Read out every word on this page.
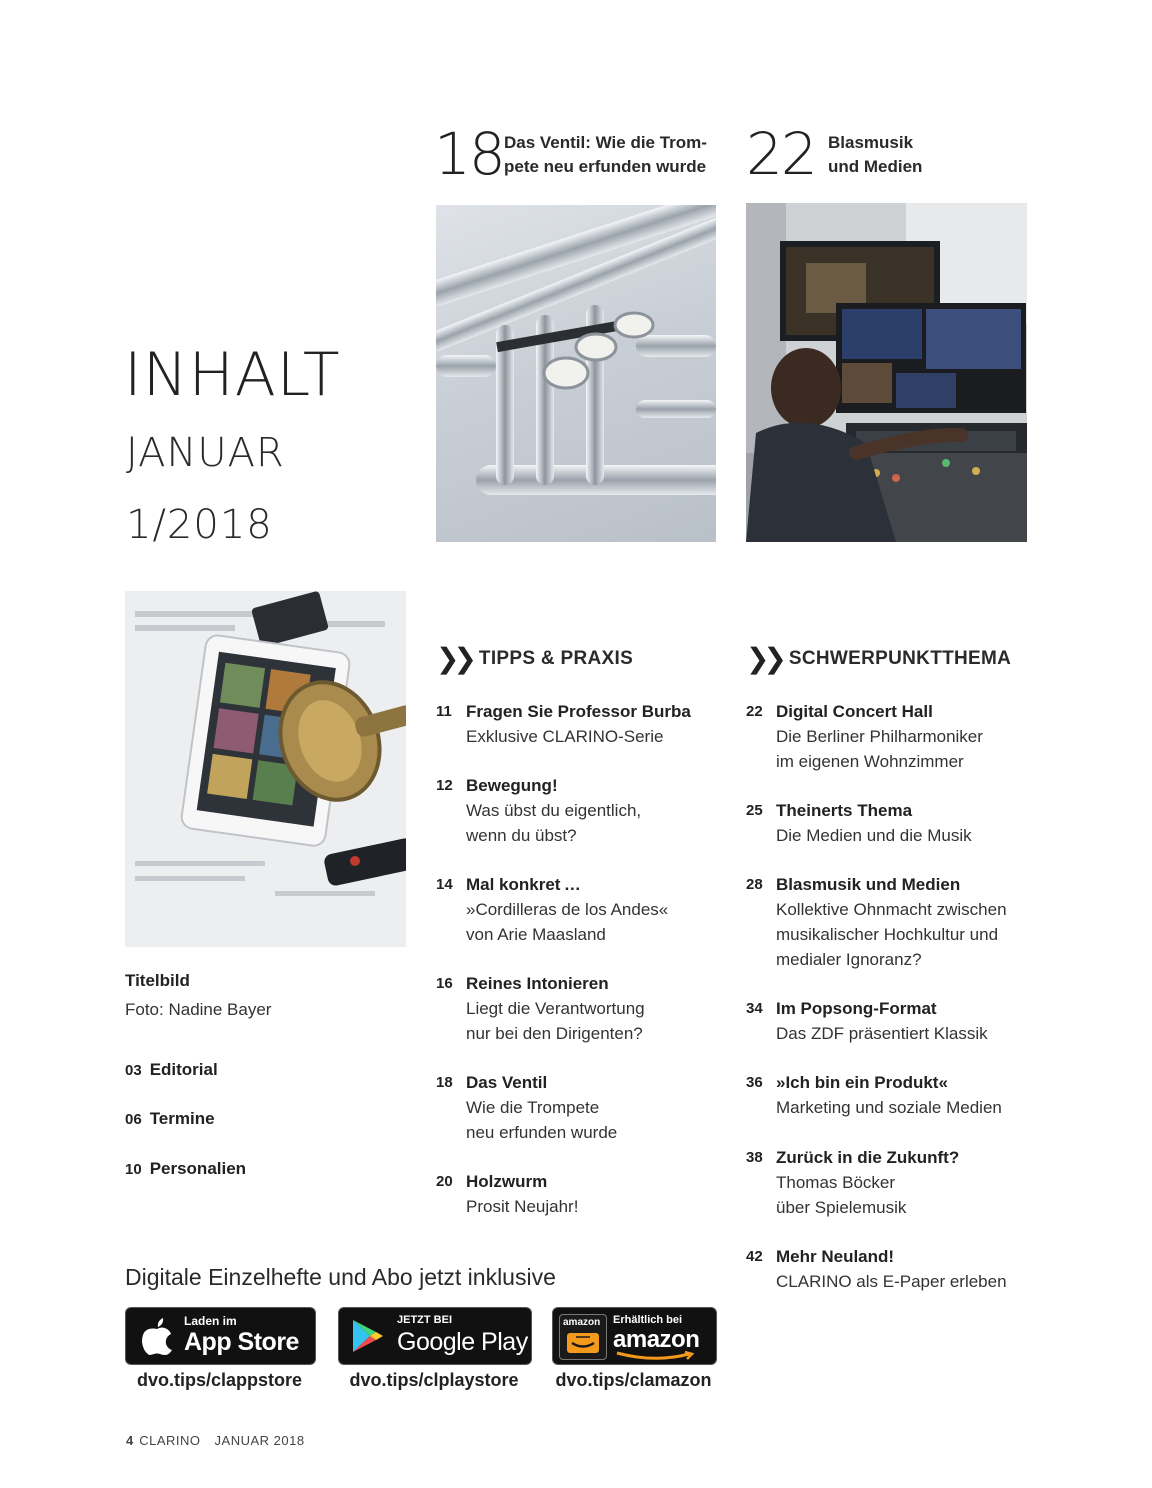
18 Das Ventil: Wie die Trom-
pete neu erfunden wurde 22 Blasmusik
und Medien
INHALT
JANUAR
1/2018
Titelbild
Foto: Nadine Bayer
03 Editorial
06 Termine
10 Personalien
❯❯ TIPPS & PRAXIS
11 Fragen Sie Professor Burba
Exklusive CLARINO-Serie
12 Bewegung!
Was übst du eigentlich,
wenn du übst?
14 Mal konkret …
»Cordilleras de los Andes«
von Arie Maasland
16 Reines Intonieren
Liegt die Verantwortung
nur bei den Dirigenten?
18 Das Ventil
Wie die Trompete
neu erfunden wurde
20 Holzwurm
Prosit Neujahr!
❯❯ SCHWERPUNKTTHEMA
22 Digital Concert Hall
Die Berliner Philharmoniker
im eigenen Wohnzimmer
25 Theinerts Thema
Die Medien und die Musik
28 Blasmusik und Medien
Kollektive Ohnmacht zwischen
musikalischer Hochkultur und
medialer Ignoranz?
34 Im Popsong-Format
Das ZDF präsentiert Klassik
36 »Ich bin ein Produkt«
Marketing und soziale Medien
38 Zurück in die Zukunft?
Thomas Böcker
über Spielemusik
42 Mehr Neuland!
CLARINO als E-Paper erleben
Digitale Einzelhefte und Abo jetzt inklusive
Laden im
App Store
dvo.tips/clappstore
JETZT BEI
Google Play
dvo.tips/clplaystore
amazon Erhältlich bei
amazon
dvo.tips/clamazon
4 CLARINO JANUAR 2018
